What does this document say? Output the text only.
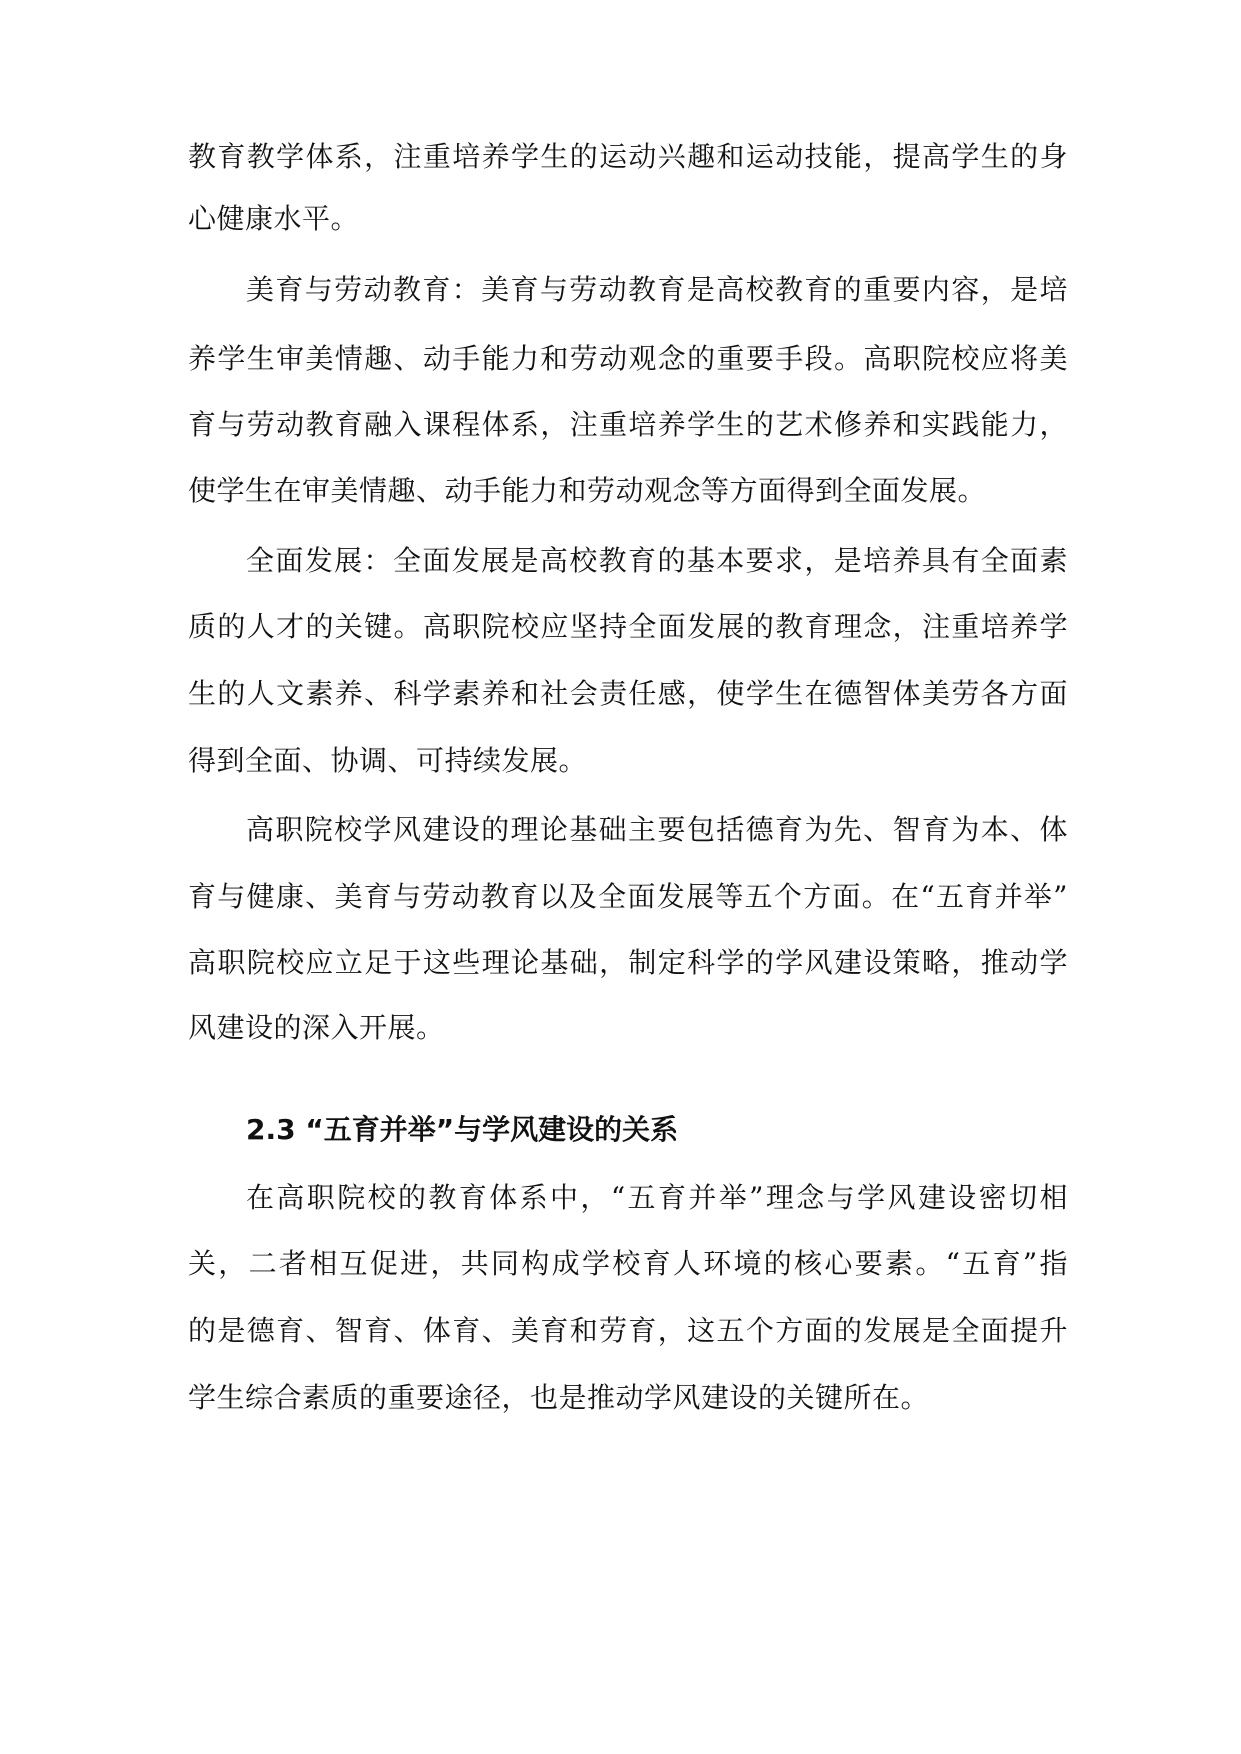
教育教学体系，注重培养学生的运动兴趣和运动技能，提高学生的身
心健康水平。
美育与劳动教育：美育与劳动教育是高校教育的重要内容，是培
养学生审美情趣、动手能力和劳动观念的重要手段。高职院校应将美
育与劳动教育融入课程体系，注重培养学生的艺术修养和实践能力，
使学生在审美情趣、动手能力和劳动观念等方面得到全面发展。
全面发展：全面发展是高校教育的基本要求，是培养具有全面素
质的人才的关键。高职院校应坚持全面发展的教育理念，注重培养学
生的人文素养、科学素养和社会责任感，使学生在德智体美劳各方面
得到全面、协调、可持续发展。
高职院校学风建设的理论基础主要包括德育为先、智育为本、体
育与健康、美育与劳动教育以及全面发展等五个方面。在“五育并举”
高职院校应立足于这些理论基础，制定科学的学风建设策略，推动学
风建设的深入开展。
2.3 “五育并举”与学风建设的关系
在高职院校的教育体系中，“五育并举”理念与学风建设密切相
关，二者相互促进，共同构成学校育人环境的核心要素。“五育”指
的是德育、智育、体育、美育和劳育，这五个方面的发展是全面提升
学生综合素质的重要途径，也是推动学风建设的关键所在。
